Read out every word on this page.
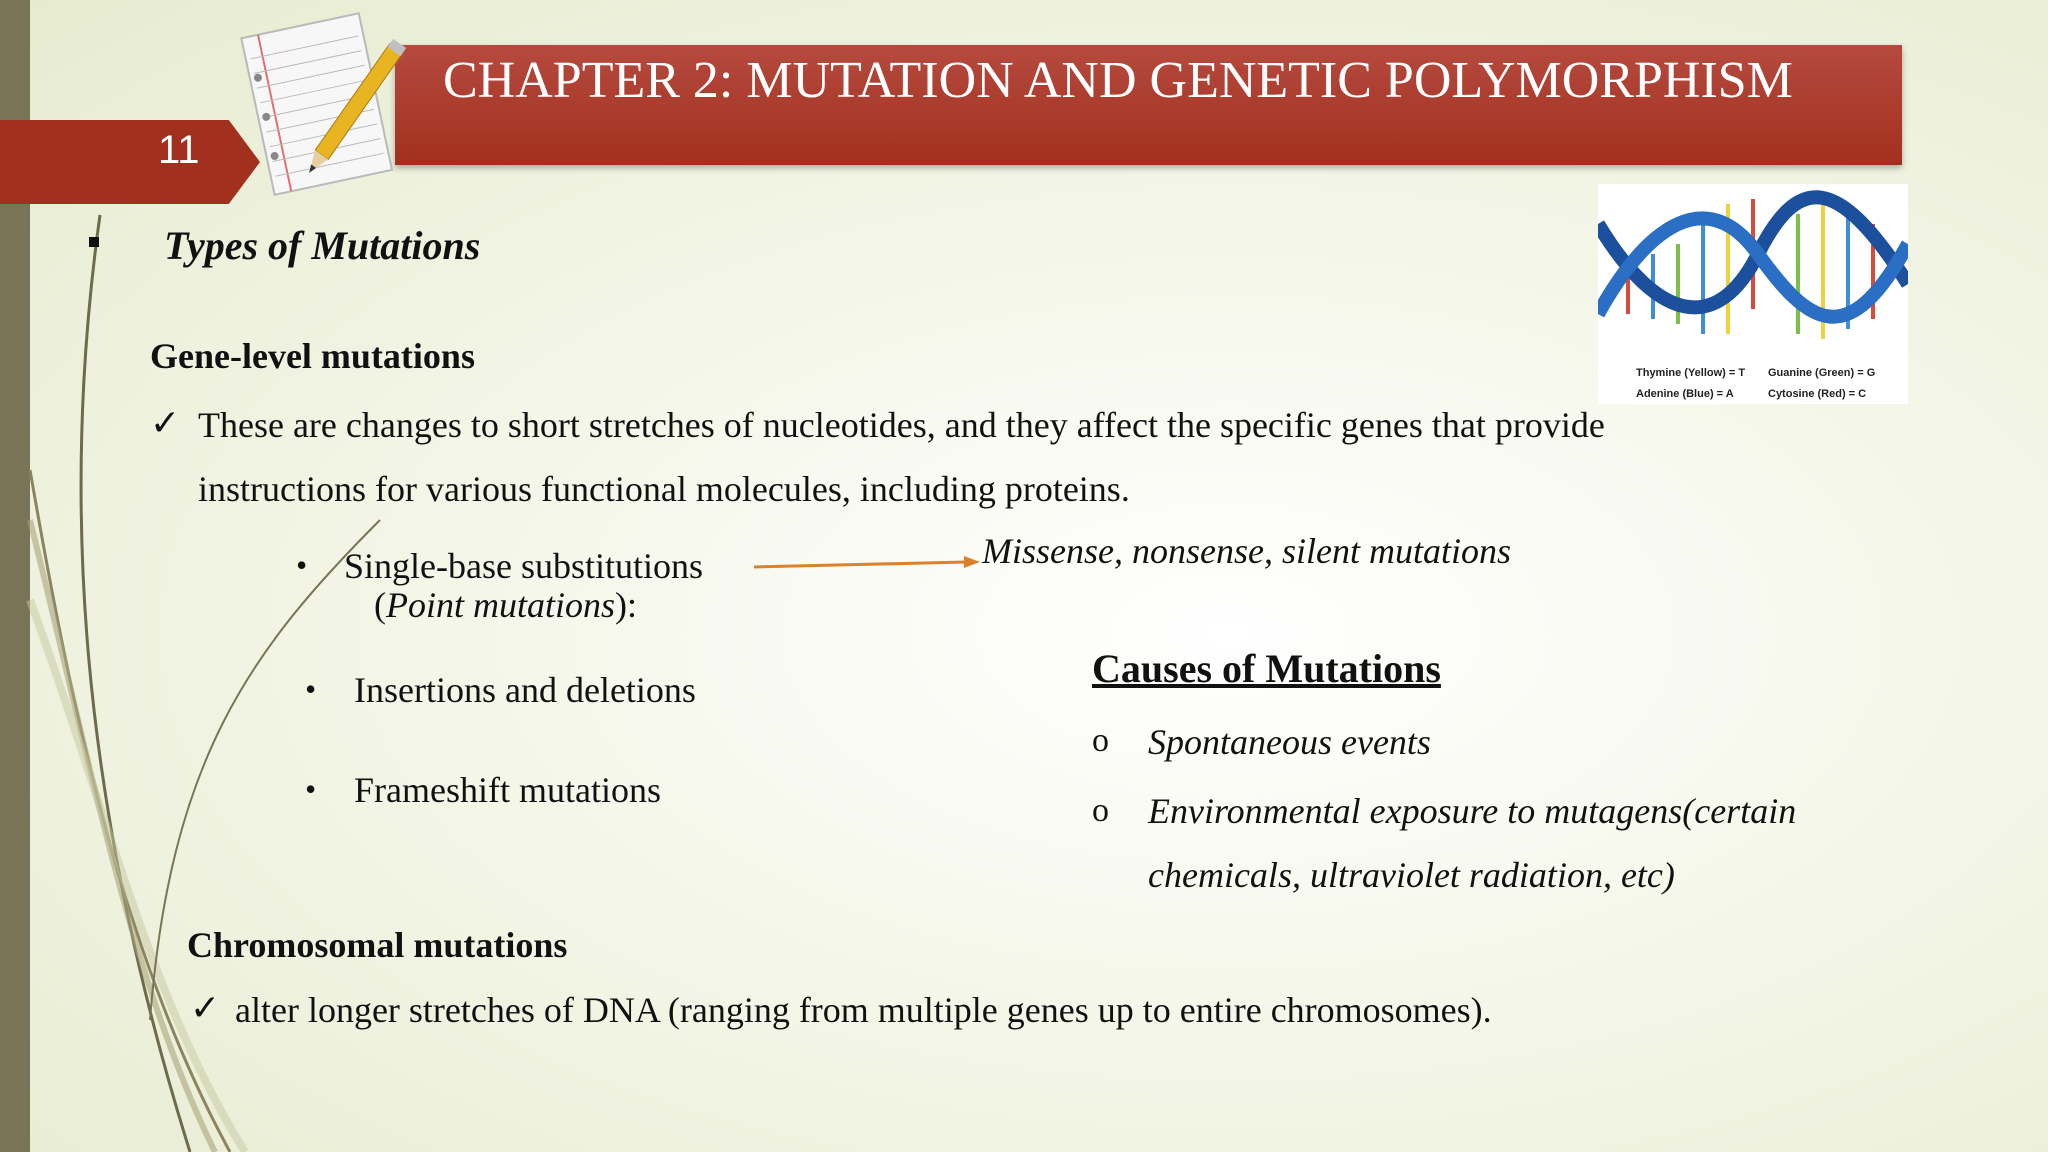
11
CHAPTER 2: MUTATION AND GENETIC POLYMORPHISM
Thymine (Yellow) = T Guanine (Green) = G
Adenine (Blue) = A	Cytosine (Red) = C
Types of Mutations
Gene-level mutations
✓ These are changes to short stretches of nucleotides, and they affect the specific genes that provide
instructions for various functional molecules, including proteins.
• Single-base substitutions
(Point mutations):
Missense, nonsense, silent mutations
• Insertions and deletions
• Frameshift mutations
Causes of Mutations
o Spontaneous events
o Environmental exposure to mutagens(certain
chemicals, ultraviolet radiation, etc)
Chromosomal mutations
✓ alter longer stretches of DNA (ranging from multiple genes up to entire chromosomes).
